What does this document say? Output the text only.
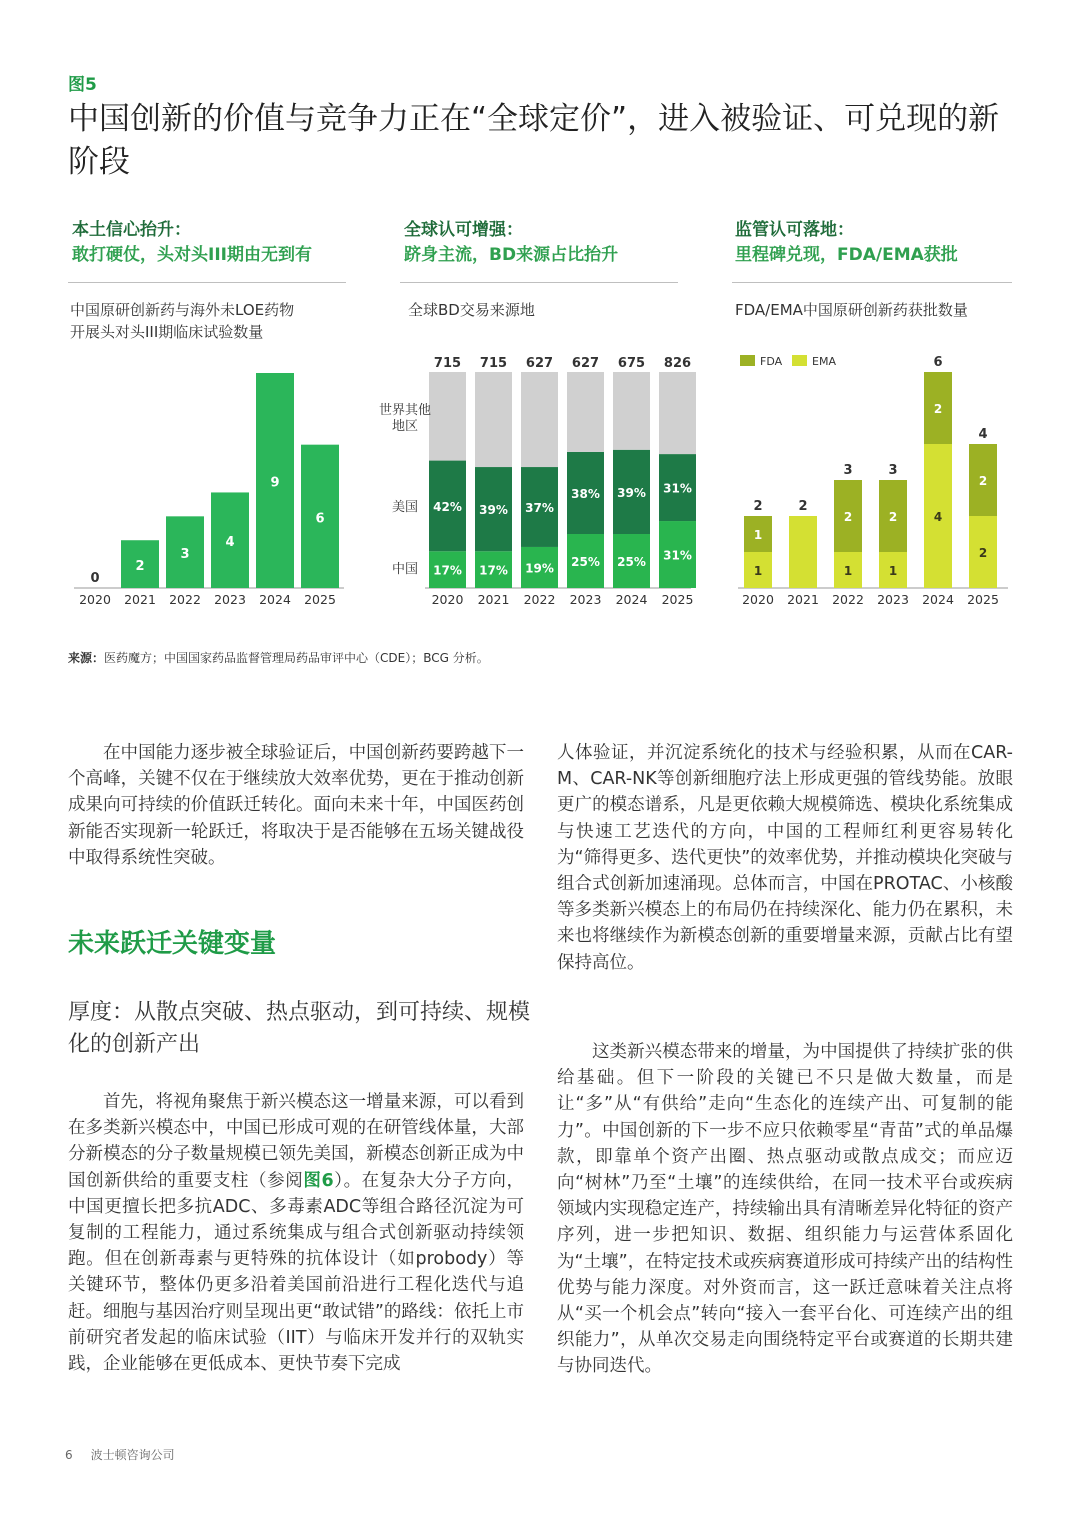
图5
中国创新的价值与竞争力正在“全球定价”，进入被验证、可兑现的新阶段
本土信心抬升：
敢打硬仗，头对头III期由无到有
全球认可增强：
跻身主流，BD来源占比抬升
监管认可落地：
里程碑兑现，FDA/EMA获批
中国原研创新药与海外未LOE药物
开展头对头III期临床试验数量
全球BD交易来源地	FDA/EMA中国原研创新药获批数量
0
2020
2
2021
3
2022
4
2023
9
2024
6
2025
17%
42%
715
2020
17%
39%
715
2021
19%
37%
627
2022
25%
38%
627
2023
25%
39%
675
2024
31%
31%
826
2025
世界其他
地区
美国
中国
FDA	EMA
1
1
2
2020
2
2021
1
2
3
2022
1
2
3
2023
4
2
6
2024
2
2
4
2025
来源：医药魔方；中国国家药品监督管理局药品审评中心（CDE）；BCG 分析。

在中国能力逐步被全球验证后，中国创新药要跨越下一个高峰，关键不仅在于继续放大效率优势，更在于推动创新成果向可持续的价值跃迁转化。面向未来十年，中国医药创新能否实现新一轮跃迁，将取决于是否能够在五场关键战役中取得系统性突破。

未来跃迁关键变量
厚度：从散点突破、热点驱动，到可持续、规模化的创新产出

首先，将视角聚焦于新兴模态这一增量来源，可以看到在多类新兴模态中，中国已形成可观的在研管线体量，大部分新模态的分子数量规模已领先美国，新模态创新正成为中国创新供给的重要支柱（参阅图6）。在复杂大分子方向，中国更擅长把多抗ADC、多毒素ADC等组合路径沉淀为可复制的工程能力，通过系统集成与组合式创新驱动持续领跑。但在创新毒素与更特殊的抗体设计（如probody）等关键环节，整体仍更多沿着美国前沿进行工程化迭代与追赶。细胞与基因治疗则呈现出更“敢试错”的路线：依托上市前研究者发起的临床试验（IIT）与临床开发并行的双轨实践，企业能够在更低成本、更快节奏下完成

人体验证，并沉淀系统化的技术与经验积累，从而在CAR-M、CAR-NK等创新细胞疗法上形成更强的管线势能。放眼更广的模态谱系，凡是更依赖大规模筛选、模块化系统集成与快速工艺迭代的方向，中国的工程师红利更容易转化为“筛得更多、迭代更快”的效率优势，并推动模块化突破与组合式创新加速涌现。总体而言，中国在PROTAC、小核酸等多类新兴模态上的布局仍在持续深化、能力仍在累积，未来也将继续作为新模态创新的重要增量来源，贡献占比有望保持高位。

这类新兴模态带来的增量，为中国提供了持续扩张的供给基础。但下一阶段的关键已不只是做大数量，而是让“多”从“有供给”走向“生态化的连续产出、可复制的能力”。中国创新的下一步不应只依赖零星“青苗”式的单品爆款，即靠单个资产出圈、热点驱动或散点成交；而应迈向“树林”乃至“土壤”的连续供给，在同一技术平台或疾病领域内实现稳定连产，持续输出具有清晰差异化特征的资产序列，进一步把知识、数据、组织能力与运营体系固化为“土壤”，在特定技术或疾病赛道形成可持续产出的结构性优势与能力深度。对外资而言，这一跃迁意味着关注点将从“买一个机会点”转向“接入一套平台化、可连续产出的组织能力”，从单次交易走向围绕特定平台或赛道的长期共建与协同迭代。

6 波士顿咨询公司
